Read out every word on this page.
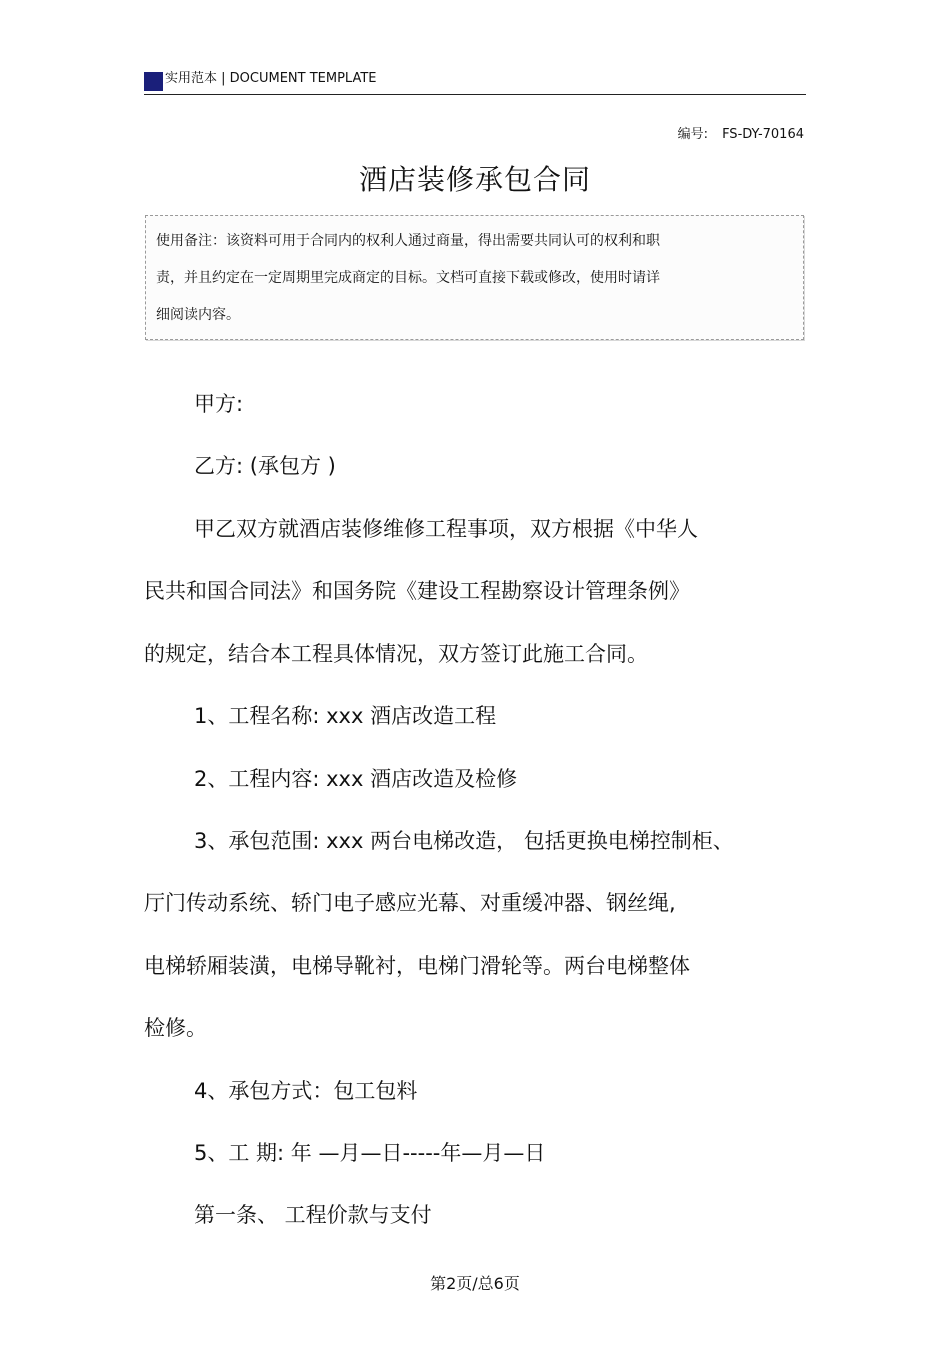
实用范本 | DOCUMENT TEMPLATE
编号: FS-DY-70164
酒店装修承包合同
使用备注：该资料可用于合同内的权利人通过商量，得出需要共同认可的权利和职
责，并且约定在一定周期里完成商定的目标。文档可直接下载或修改，使用时请详
细阅读内容。
甲方:
乙方: (承包方 )
甲乙双方就酒店装修维修工程事项，双方根据《中华人
民共和国合同法》和国务院《建设工程勘察设计管理条例》
的规定，结合本工程具体情况，双方签订此施工合同。
1、工程名称: xxx 酒店改造工程
2、工程内容: xxx 酒店改造及检修
3、承包范围: xxx 两台电梯改造， 包括更换电梯控制柜、
厅门传动系统、轿门电子感应光幕、对重缓冲器、钢丝绳,
电梯轿厢装潢，电梯导靴衬，电梯门滑轮等。两台电梯整体
检修。
4、承包方式：包工包料
5、工 期: 年 —月—日-----年—月—日
第一条、 工程价款与支付
第2页/总6页
